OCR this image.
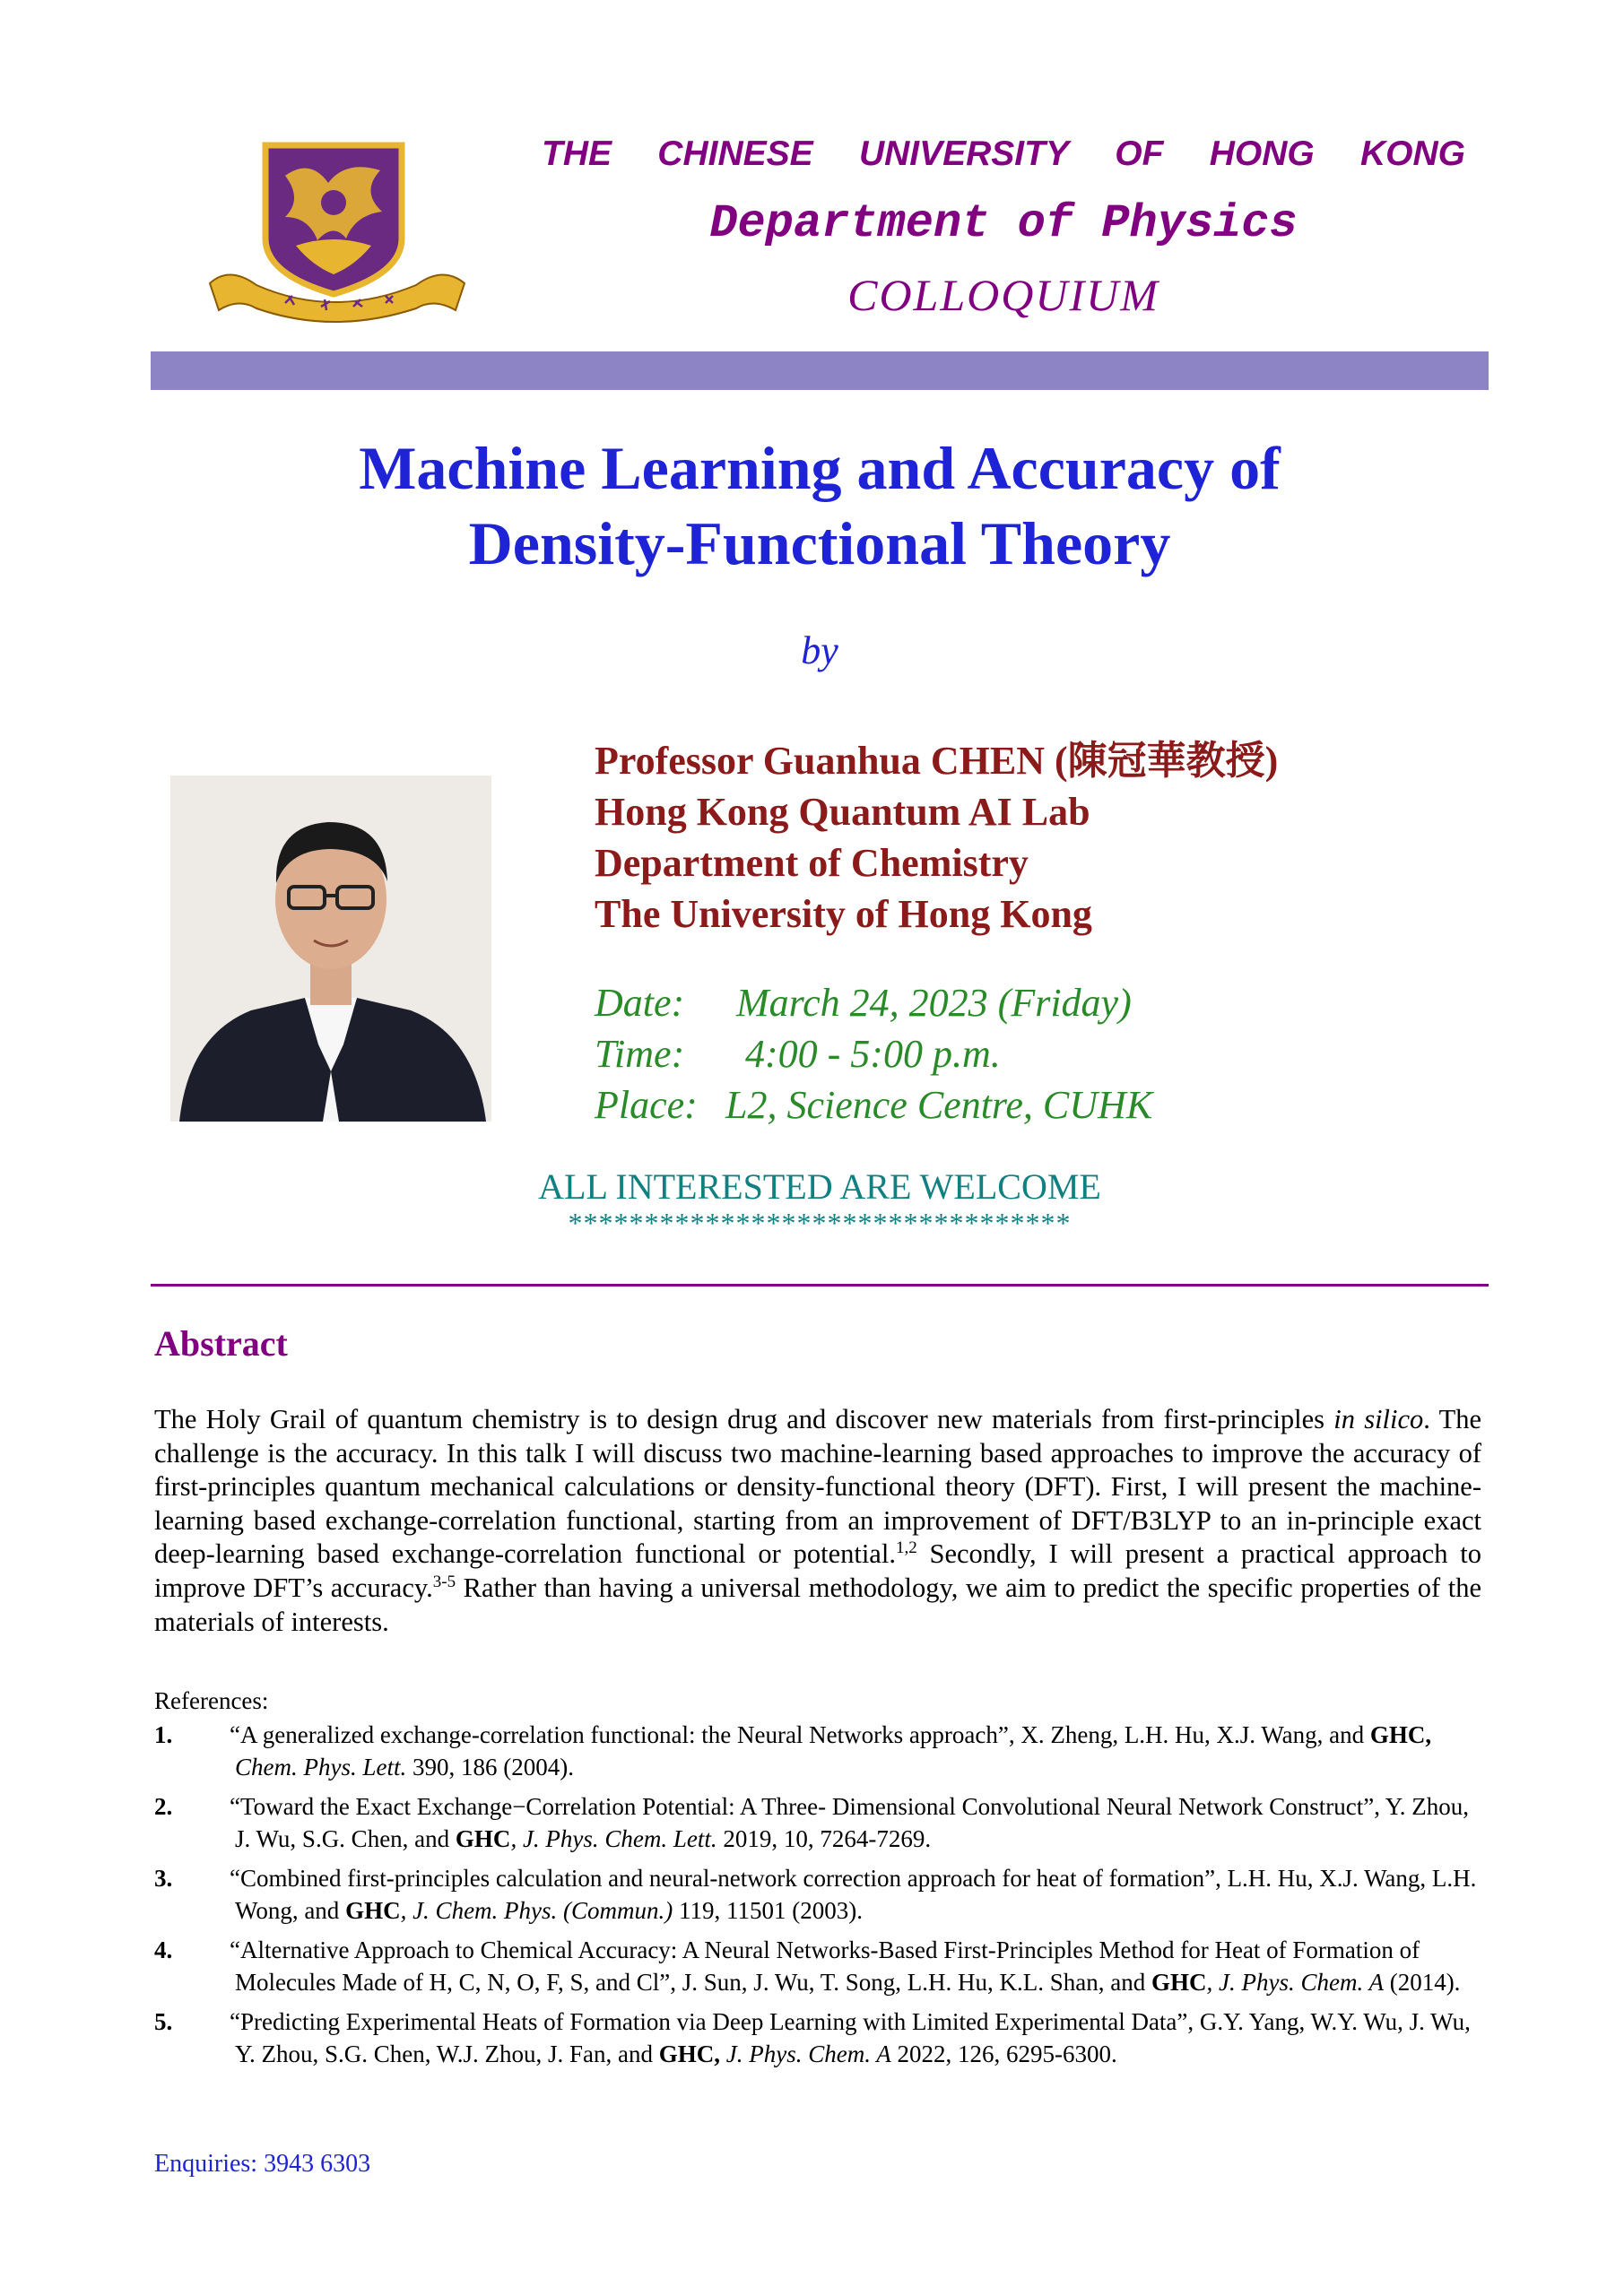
THE CHINESE UNIVERSITY OF HONG KONG
Department of Physics
COLLOQUIUM
Machine Learning and Accuracy of
Density-Functional Theory
by
Professor Guanhua CHEN (陳冠華教授)
Hong Kong Quantum AI Lab
Department of Chemistry
The University of Hong Kong
Date: March 24, 2023 (Friday)
Time: 4:00 - 5:00 p.m.
Place: L2, Science Centre, CUHK
ALL INTERESTED ARE WELCOME
*********************************
Abstract
The Holy Grail of quantum chemistry is to design drug and discover new materials from first-principles in silico. The challenge is the accuracy. In this talk I will discuss two machine-learning based approaches to improve the accuracy of first-principles quantum mechanical calculations or density-functional theory (DFT). First, I will present the machine-learning based exchange-correlation functional, starting from an improvement of DFT/B3LYP to an in-principle exact deep-learning based exchange-correlation functional or potential.$^{1,2}$ Secondly, I will present a practical approach to improve DFT’s accuracy.$^{3-5}$ Rather than having a universal methodology, we aim to predict the specific properties of the materials of interests.
References:
1. “A generalized exchange-correlation functional: the Neural Networks approach”, X. Zheng, L.H. Hu, X.J. Wang, and GHC, Chem. Phys. Lett. 390, 186 (2004).
2. “Toward the Exact Exchange−Correlation Potential: A Three- Dimensional Convolutional Neural Network Construct”, Y. Zhou, J. Wu, S.G. Chen, and GHC, J. Phys. Chem. Lett. 2019, 10, 7264-7269.
3. “Combined first-principles calculation and neural-network correction approach for heat of formation”, L.H. Hu, X.J. Wang, L.H. Wong, and GHC, J. Chem. Phys. (Commun.) 119, 11501 (2003).
4. “Alternative Approach to Chemical Accuracy: A Neural Networks-Based First-Principles Method for Heat of Formation of Molecules Made of H, C, N, O, F, S, and Cl”, J. Sun, J. Wu, T. Song, L.H. Hu, K.L. Shan, and GHC, J. Phys. Chem. A (2014).
5. “Predicting Experimental Heats of Formation via Deep Learning with Limited Experimental Data”, G.Y. Yang, W.Y. Wu, J. Wu, Y. Zhou, S.G. Chen, W.J. Zhou, J. Fan, and GHC, J. Phys. Chem. A 2022, 126, 6295-6300.
Enquiries: 3943 6303
